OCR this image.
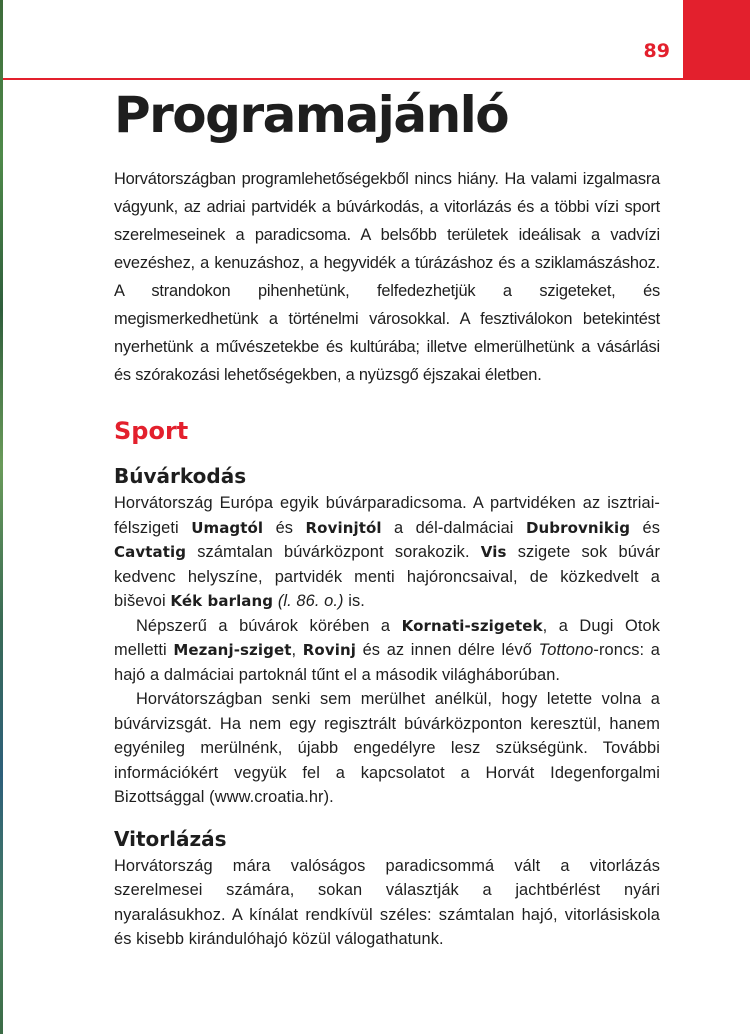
89
Programajánló

Horvátországban programlehetőségekből nincs hiány. Ha valami izgalmasra vágyunk, az adriai partvidék a búvárkodás, a vitorlázás és a többi vízi sport szerelmeseinek a paradicsoma. A belsőbb területek ideálisak a vadvízi evezéshez, a kenuzáshoz, a hegyvidék a túrázáshoz és a sziklamászáshoz. A strandokon pihenhetünk, felfedezhetjük a szigeteket, és megismerkedhetünk a történelmi városokkal. A fesztiválokon betekintést nyerhetünk a művészetekbe és kultúrába; illetve elmerülhetünk a vásárlási és szórakozási lehetőségekben, a nyüzsgő éjszakai életben.

Sport
Búvárkodás

Horvátország Európa egyik búvárparadicsoma. A partvidéken az isztriai-félszigeti Umagtól és Rovinjtól a dél-dalmáciai Dubrovnikig és Cavtatig számtalan búvárközpont sorakozik. Vis szigete sok búvár kedvenc helyszíne, partvidék menti hajóroncsaival, de közkedvelt a biševoi Kék barlang (l. 86. o.) is.

Népszerű a búvárok körében a Kornati-szigetek, a Dugi Otok melletti Mezanj-sziget, Rovinj és az innen délre lévő Tottono-roncs: a hajó a dalmáciai partoknál tűnt el a második világháborúban.

Horvátországban senki sem merülhet anélkül, hogy letette volna a búvárvizsgát. Ha nem egy regisztrált búvárközponton keresztül, hanem egyénileg merülnénk, újabb engedélyre lesz szükségünk. További információkért vegyük fel a kapcsolatot a Horvát Idegenforgalmi Bizottsággal (www.croatia.hr).

Vitorlázás

Horvátország mára valóságos paradicsommá vált a vitorlázás szerelmesei számára, sokan választják a jachtbérlést nyári nyaralásukhoz. A kínálat rendkívül széles: számtalan hajó, vitorlásiskola és kisebb kirándulóhajó közül válogathatunk.
